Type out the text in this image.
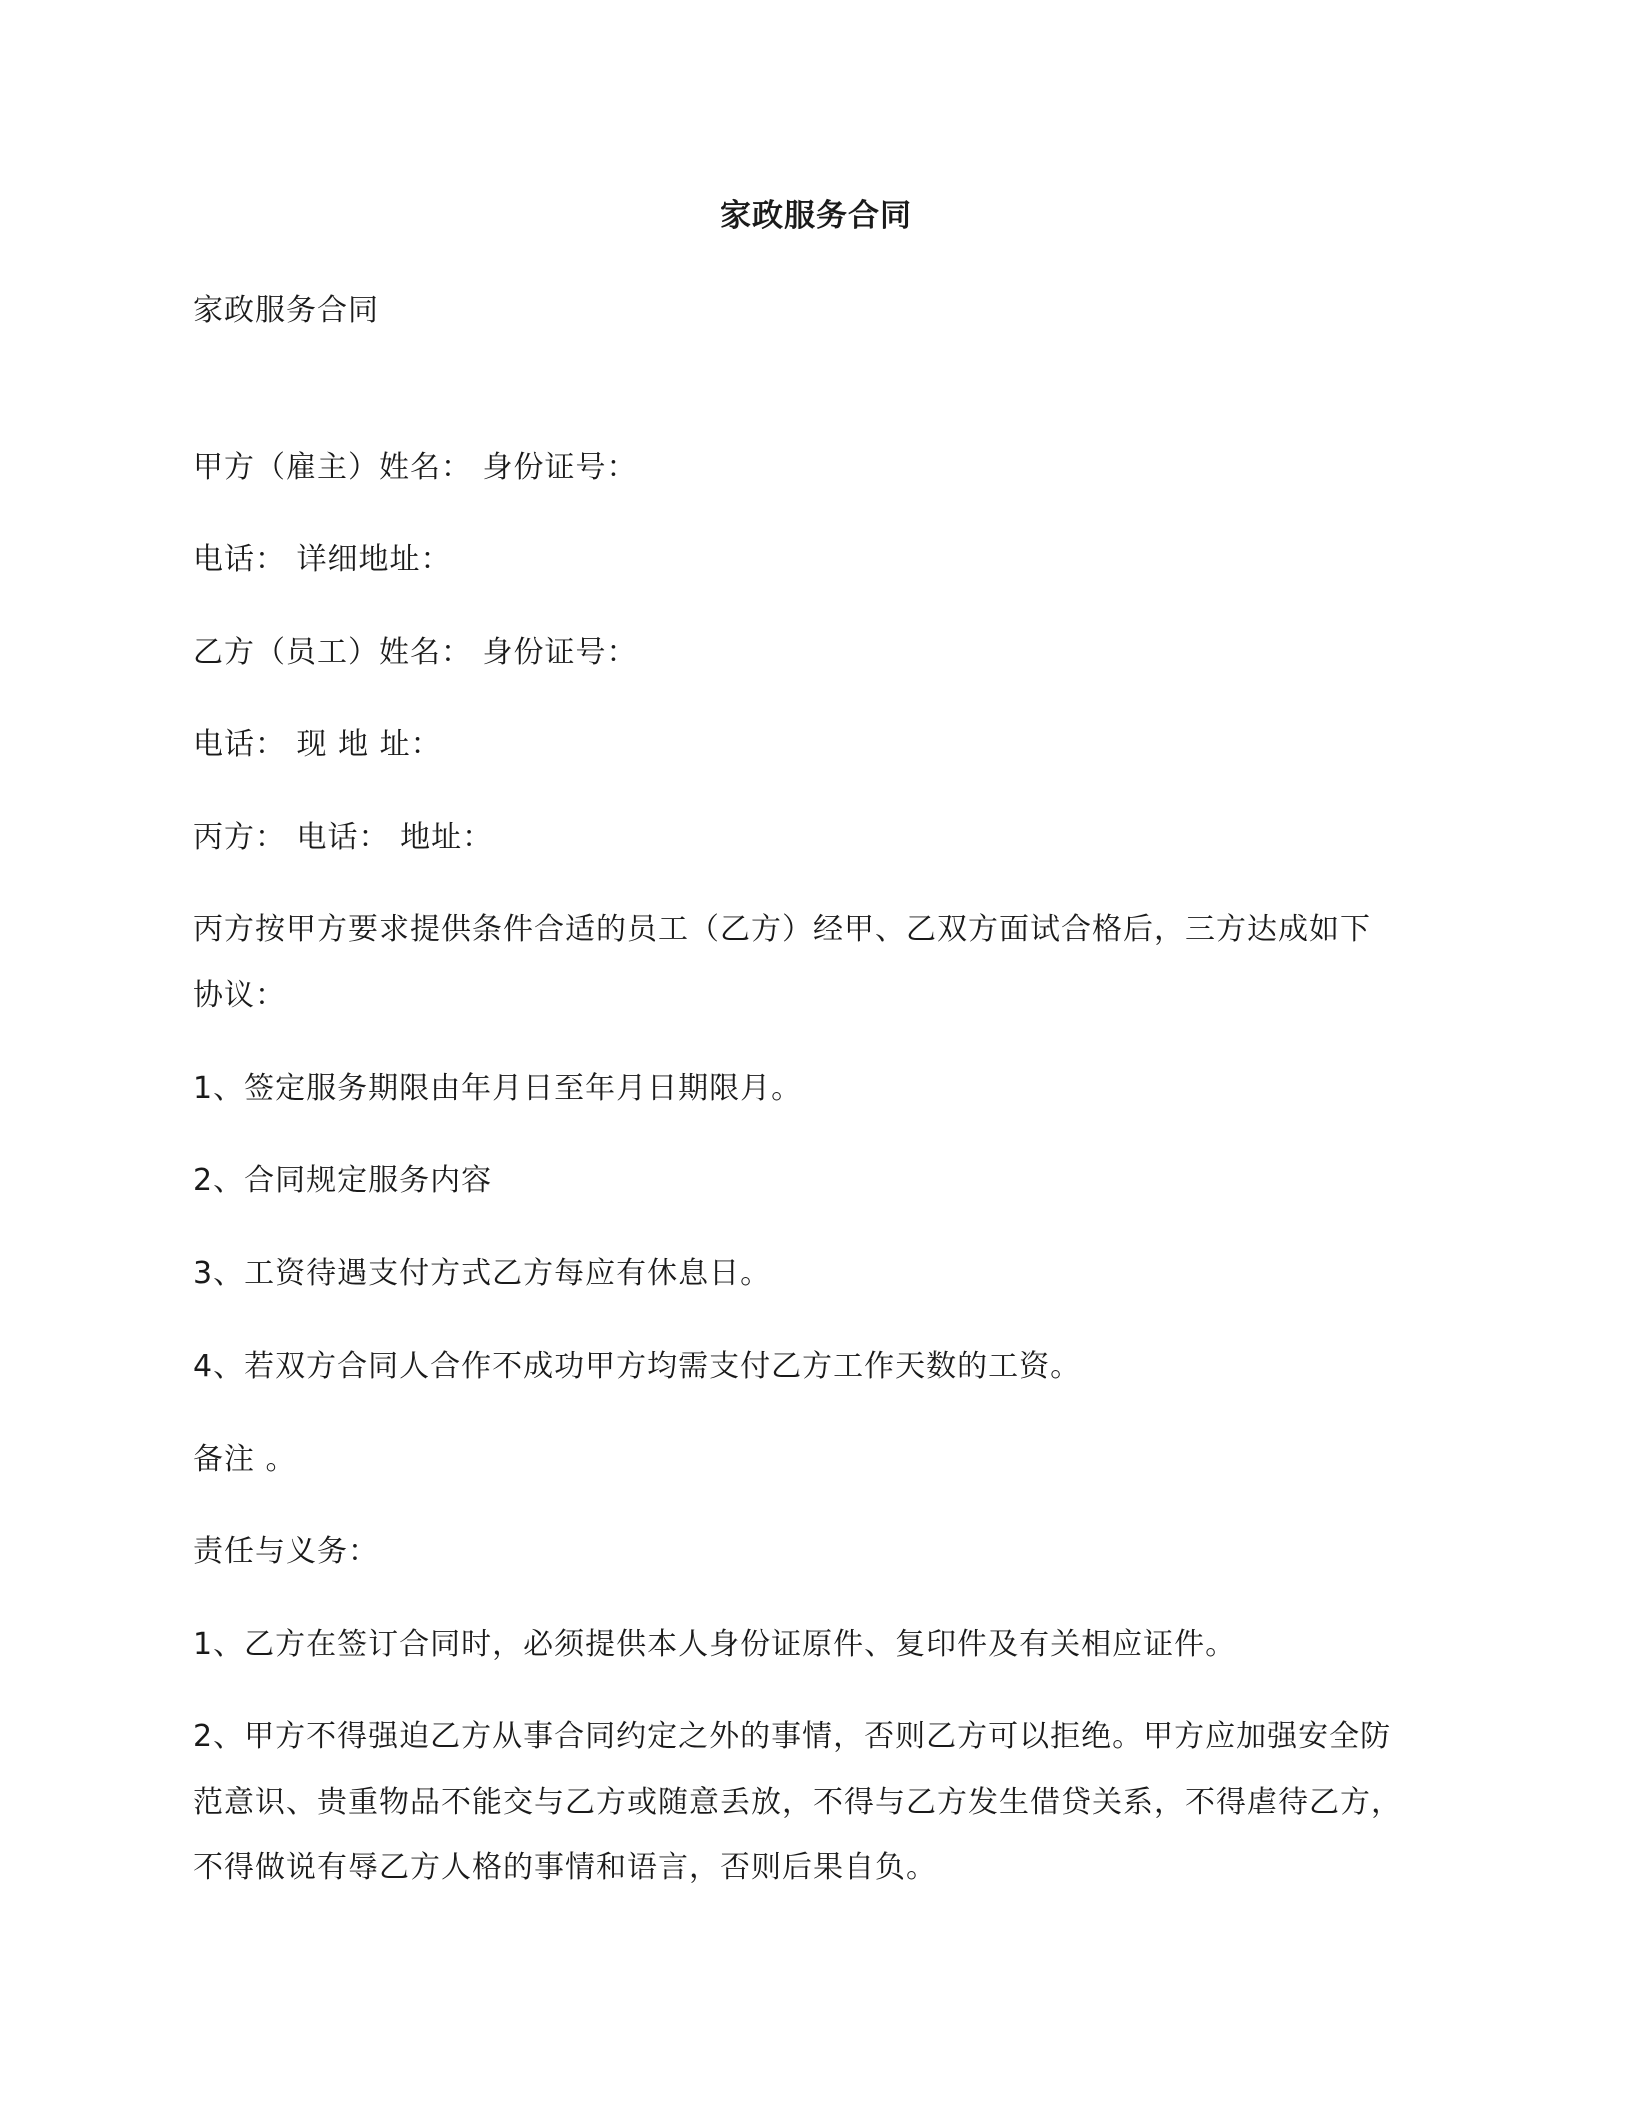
家政服务合同
家政服务合同
甲方（雇主）姓名： 身份证号：
电话： 详细地址：
乙方（员工）姓名： 身份证号：
电话： 现 地 址：
丙方： 电话： 地址：
丙方按甲方要求提供条件合适的员工（乙方）经甲、乙双方面试合格后，三方达成如下
协议：
1、签定服务期限由年月日至年月日期限月。
2、合同规定服务内容
3、工资待遇支付方式乙方每应有休息日。
4、若双方合同人合作不成功甲方均需支付乙方工作天数的工资。
备注 。
责任与义务：
1、乙方在签订合同时，必须提供本人身份证原件、复印件及有关相应证件。
2、甲方不得强迫乙方从事合同约定之外的事情，否则乙方可以拒绝。甲方应加强安全防
范意识、贵重物品不能交与乙方或随意丢放，不得与乙方发生借贷关系，不得虐待乙方，
不得做说有辱乙方人格的事情和语言，否则后果自负。
